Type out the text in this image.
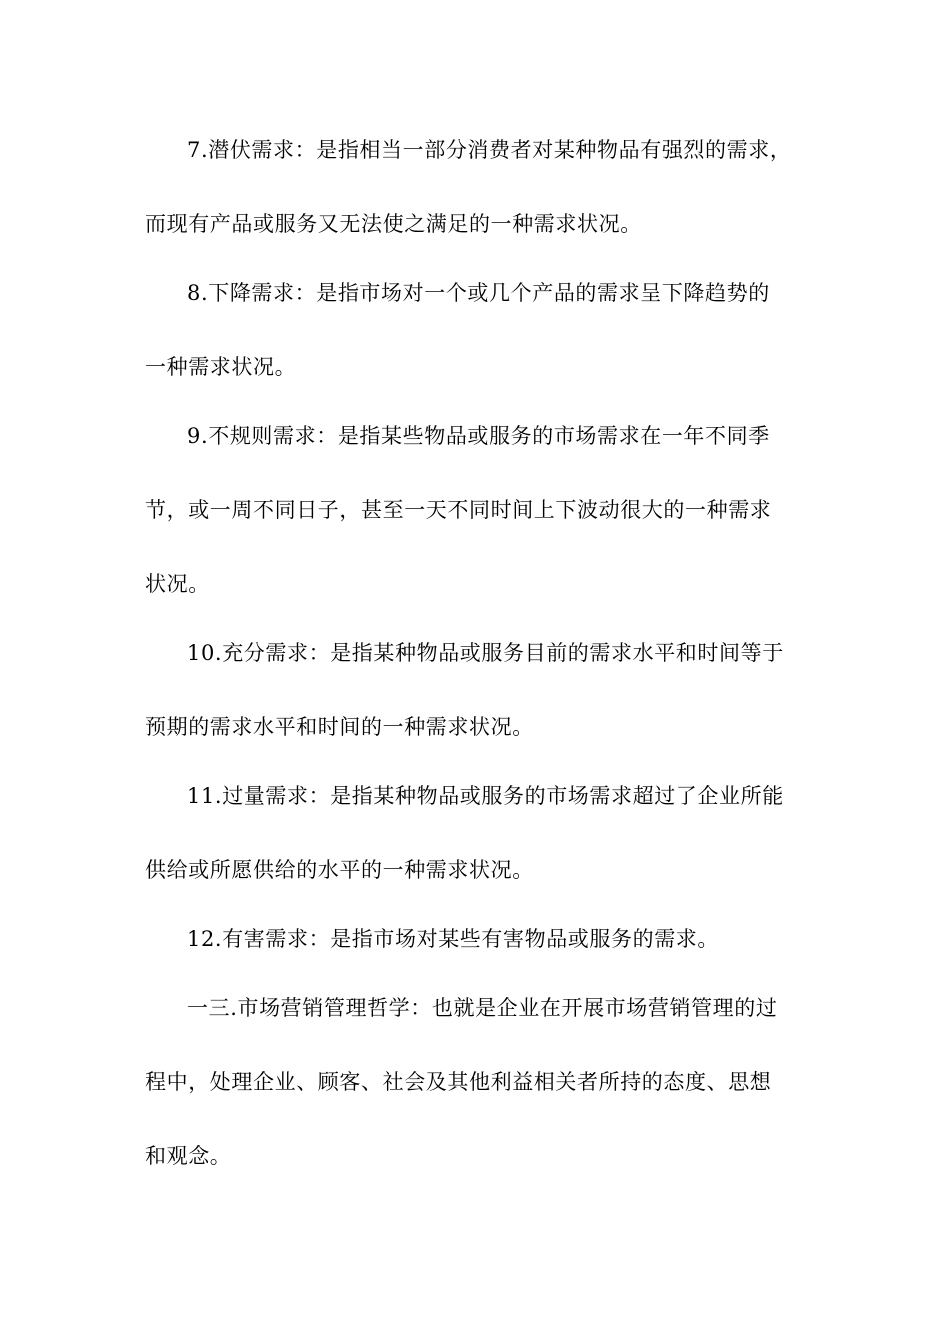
7.潜伏需求：是指相当一部分消费者对某种物品有强烈的需求，
而现有产品或服务又无法使之满足的一种需求状况。

8.下降需求：是指市场对一个或几个产品的需求呈下降趋势的
一种需求状况。

9.不规则需求：是指某些物品或服务的市场需求在一年不同季
节，或一周不同日子，甚至一天不同时间上下波动很大的一种需求
状况。

10.充分需求：是指某种物品或服务目前的需求水平和时间等于
预期的需求水平和时间的一种需求状况。

11.过量需求：是指某种物品或服务的市场需求超过了企业所能
供给或所愿供给的水平的一种需求状况。

12.有害需求：是指市场对某些有害物品或服务的需求。

一三.市场营销管理哲学：也就是企业在开展市场营销管理的过
程中，处理企业、顾客、社会及其他利益相关者所持的态度、思想
和观念。
